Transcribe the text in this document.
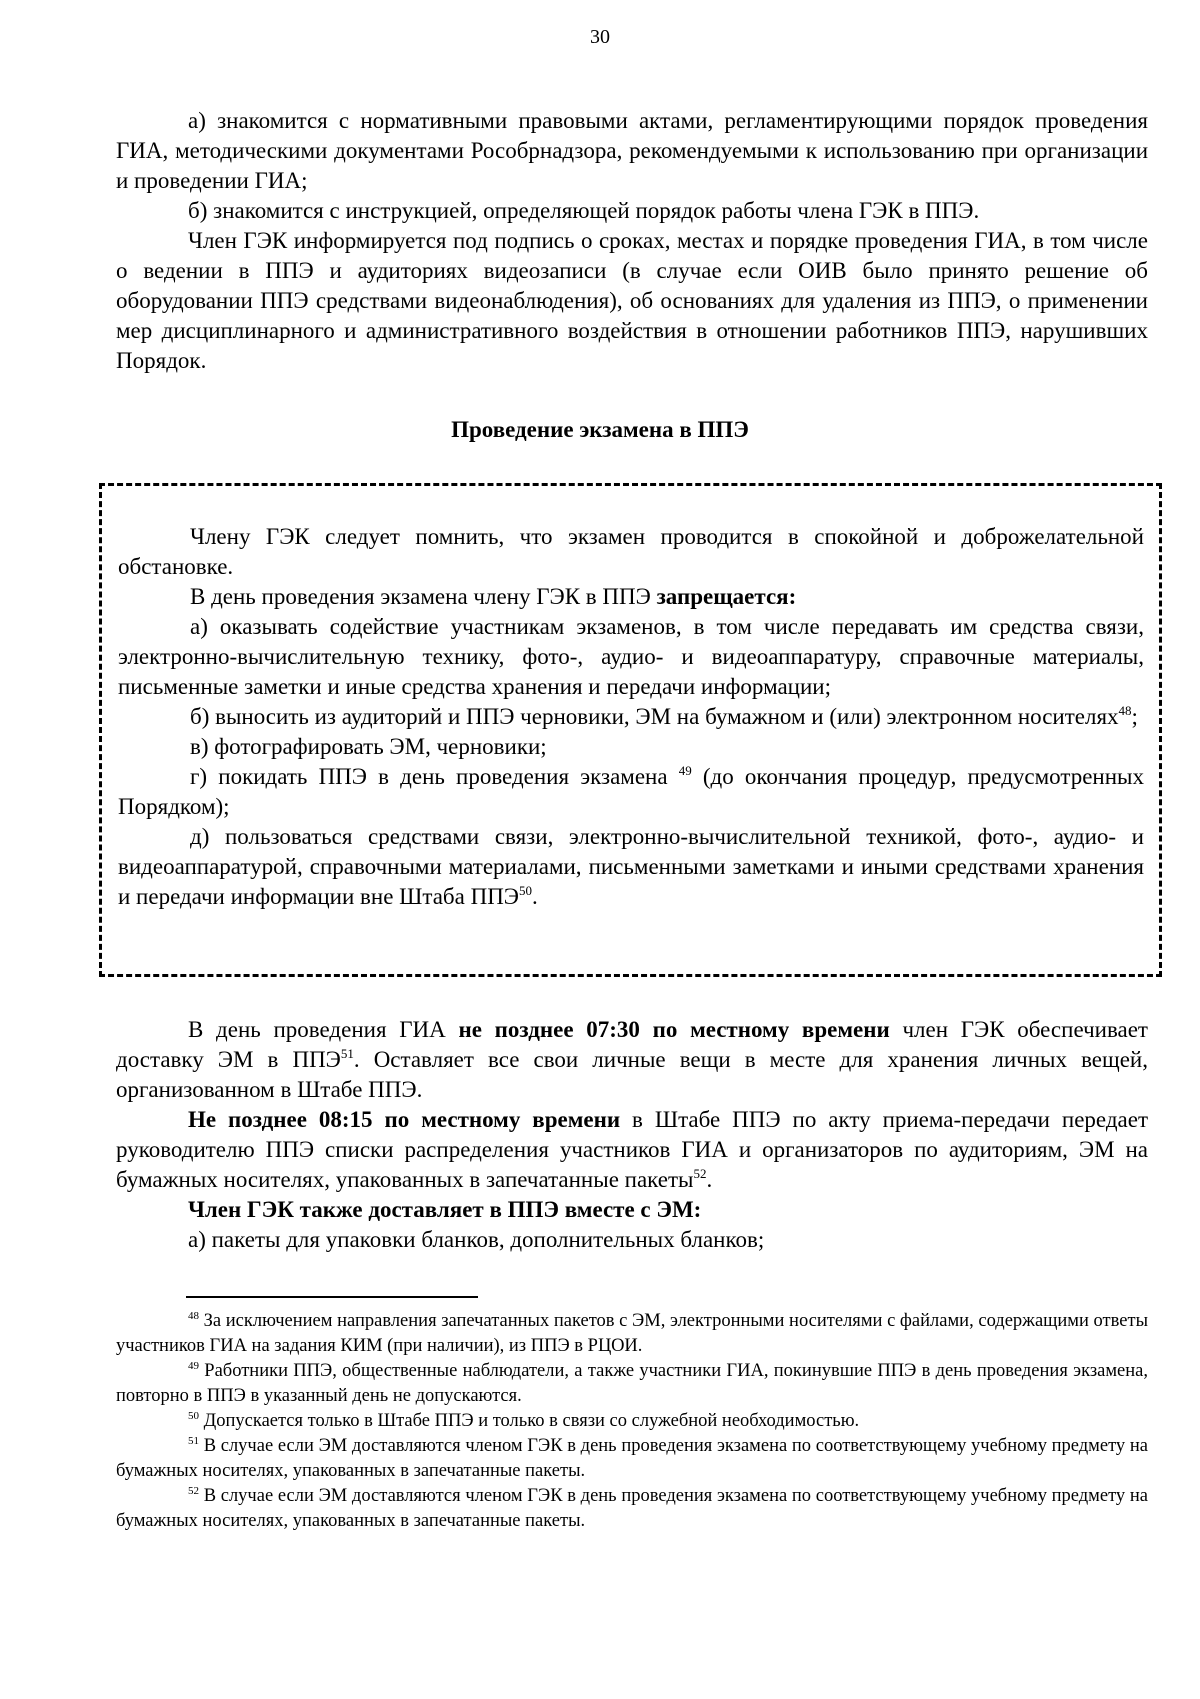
30

а) знакомится с нормативными правовыми актами, регламентирующими порядок проведения ГИА, методическими документами Рособрнадзора, рекомендуемыми к использованию при организации и проведении ГИА;

б) знакомится с инструкцией, определяющей порядок работы члена ГЭК в ППЭ.

Член ГЭК информируется под подпись о сроках, местах и порядке проведения ГИА, в том числе о ведении в ППЭ и аудиториях видеозаписи (в случае если ОИВ было принято решение об оборудовании ППЭ средствами видеонаблюдения), об основаниях для удаления из ППЭ, о применении мер дисциплинарного и административного воздействия в отношении работников ППЭ, нарушивших Порядок.

Проведение экзамена в ППЭ

Члену ГЭК следует помнить, что экзамен проводится в спокойной и доброжелательной обстановке.

В день проведения экзамена члену ГЭК в ППЭ запрещается:

а) оказывать содействие участникам экзаменов, в том числе передавать им средства связи, электронно-вычислительную технику, фото-, аудио- и видеоаппаратуру, справочные материалы, письменные заметки и иные средства хранения и передачи информации;

б) выносить из аудиторий и ППЭ черновики, ЭМ на бумажном и (или) электронном носителях$^{48}$;

в) фотографировать ЭМ, черновики;

г) покидать ППЭ в день проведения экзамена $^{49}$ (до окончания процедур, предусмотренных Порядком);

д) пользоваться средствами связи, электронно-вычислительной техникой, фото-, аудио- и видеоаппаратурой, справочными материалами, письменными заметками и иными средствами хранения и передачи информации вне Штаба ППЭ$^{50}$.

В день проведения ГИА не позднее 07:30 по местному времени член ГЭК обеспечивает доставку ЭМ в ППЭ$^{51}$. Оставляет все свои личные вещи в месте для хранения личных вещей, организованном в Штабе ППЭ.

Не позднее 08:15 по местному времени в Штабе ППЭ по акту приема-передачи передает руководителю ППЭ списки распределения участников ГИА и организаторов по аудиториям, ЭМ на бумажных носителях, упакованных в запечатанные пакеты$^{52}$.

Член ГЭК также доставляет в ППЭ вместе с ЭМ:

а) пакеты для упаковки бланков, дополнительных бланков;

$^{48}$ За исключением направления запечатанных пакетов с ЭМ, электронными носителями с файлами, содержащими ответы участников ГИА на задания КИМ (при наличии), из ППЭ в РЦОИ.

$^{49}$ Работники ППЭ, общественные наблюдатели, а также участники ГИА, покинувшие ППЭ в день проведения экзамена, повторно в ППЭ в указанный день не допускаются.

$^{50}$ Допускается только в Штабе ППЭ и только в связи со служебной необходимостью.

$^{51}$ В случае если ЭМ доставляются членом ГЭК в день проведения экзамена по соответствующему учебному предмету на бумажных носителях, упакованных в запечатанные пакеты.

$^{52}$ В случае если ЭМ доставляются членом ГЭК в день проведения экзамена по соответствующему учебному предмету на бумажных носителях, упакованных в запечатанные пакеты.
